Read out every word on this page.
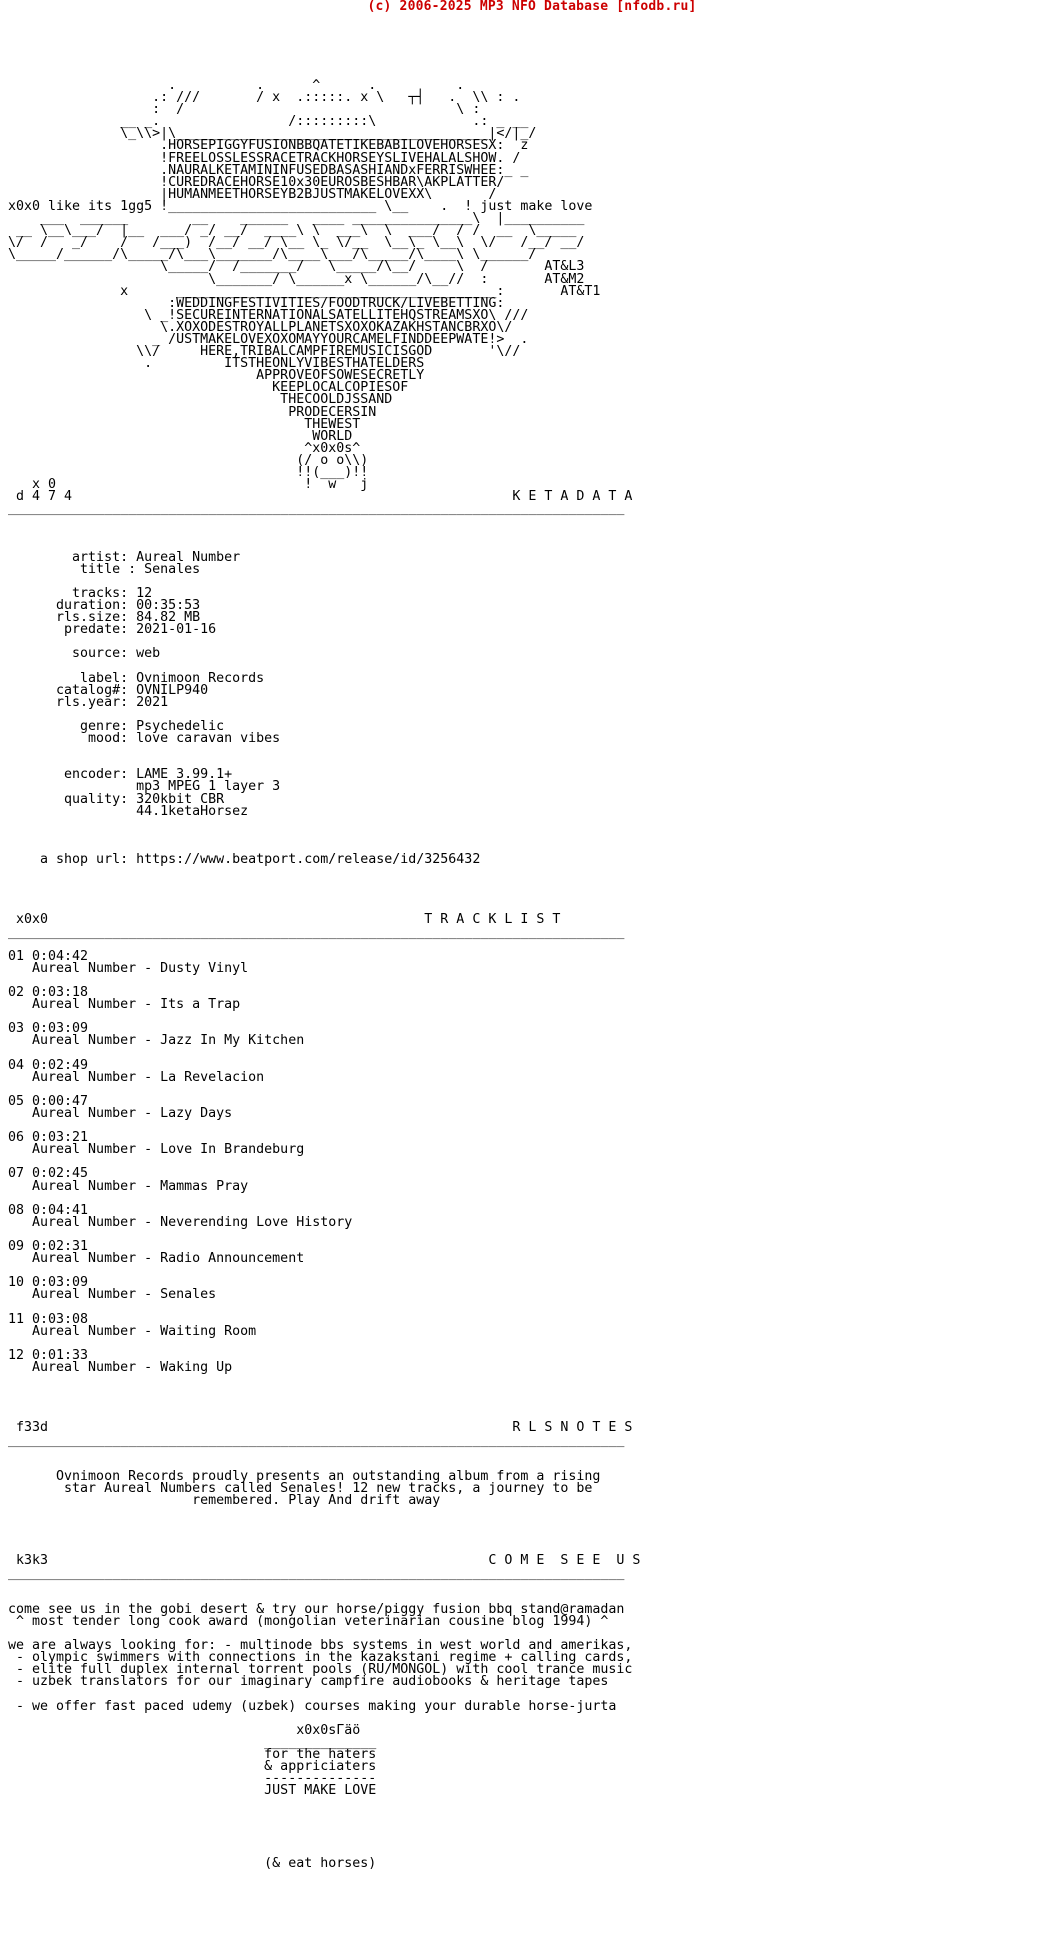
(c) 2006-2025 MP3 NFO Database [nfodb.ru]
.          .      ^      .          .
.: ///       / x  .:::::. x \   ┬┤   .  \\ : .
:  /                                  \ :
__ _.                /:::::::::\            .: _ __
\_\\>|\_______________________________________|</|_/
.HORSEPIGGYFUSIONBBQATETIKEBABILOVEHORSESX:  z
!FREELOSSLESSRACETRACKHORSEYSLIVEHALALSHOW. /
.NAURALKETAMININFUSEDBASASHIANDxFERRISWHEE:_ _
!CUREDRACEHORSE10x30EUROSBESHBAR\AKPLATTER/
|HUMANMEETHORSEYB2BJUSTMAKELOVEXX\       /
x0x0 like its 1gg5 !__________________________ \__    .  ! just make love
___  ______        __    ______   ____ _______________\  |__________
__ \__\___/  |__  ___/ _/ __/  ____\ \  ___\  \  ___/  / /  __  \_____
\/  /   _/    /   /___)  /__/ __/ \__ \_ \/__  \__\_ \__\  \/   /__/ __/
\_____/______/\_____/\___\_______/\____\___/\_____/\____\ \______/
\_____/  /_______/   \_____/\__/     \  /       AT&L3
\_______/ \______x \______/\__//  :       AT&M2
x      ________________________________________:       AT&T1
:WEDDINGFESTIVITIES/FOODTRUCK/LIVEBETTING:
\ _!SECUREINTERNATIONALSATELLITEHQSTREAMSXO\ ///
\.XOXODESTROYALLPLANETSXOXOKAZAKHSTANCBRXO\/
_ /USTMAKELOVEXOXOMAYYOURCAMELFINDDEEPWATE!>  .
\\/     HERE,TRIBALCAMPFIREMUSICISGOD       '\//
.         ITSTHEONLYVIBESTHATELDERS
APPROVEOFSOWESECRETLY
KEEPLOCALCOPIESOF
THECOOLDJSSAND
PRODECERSIN
THEWEST
WORLD
^x0x0s^
(/ o o\\)
!!(___)!!
x 0                               !  w   j
d 4 7 4                                                       K E T A D A T A
_____________________________________________________________________________

artist: Aureal Number
title : Senales

tracks: 12
duration: 00:35:53
rls.size: 84.82 MB
predate: 2021-01-16

source: web

label: Ovnimoon Records
catalog#: OVNILP940
rls.year: 2021

genre: Psychedelic
mood: love caravan vibes

encoder: LAME 3.99.1+
mp3 MPEG 1 layer 3
quality: 320kbit CBR
44.1ketaHorsez

a shop url: https://www.beatport.com/release/id/3256432

x0x0                                               T R A C K L I S T
_____________________________________________________________________________

01 0:04:42
Aureal Number - Dusty Vinyl

02 0:03:18
Aureal Number - Its a Trap

03 0:03:09
Aureal Number - Jazz In My Kitchen

04 0:02:49
Aureal Number - La Revelacion

05 0:00:47
Aureal Number - Lazy Days

06 0:03:21
Aureal Number - Love In Brandeburg

07 0:02:45
Aureal Number - Mammas Pray

08 0:04:41
Aureal Number - Neverending Love History

09 0:02:31
Aureal Number - Radio Announcement

10 0:03:09
Aureal Number - Senales

11 0:03:08
Aureal Number - Waiting Room

12 0:01:33
Aureal Number - Waking Up

f33d                                                          R L S N O T E S
_____________________________________________________________________________

Ovnimoon Records proudly presents an outstanding album from a rising
star Aureal Numbers called Senales! 12 new tracks, a journey to be
remembered. Play And drift away

k3k3                                                       C O M E  S E E  U S
_____________________________________________________________________________

come see us in the gobi desert & try our horse/piggy fusion bbq stand@ramadan
^ most tender long cook award (mongolian veterinarian cousine blog 1994) ^

we are always looking for: - multinode bbs systems in west world and amerikas,
- olympic swimmers with connections in the kazakstani regime + calling cards,
- elite full duplex internal torrent pools (RU/MONGOL) with cool trance music
- uzbek translators for our imaginary campfire audiobooks & heritage tapes

- we offer fast paced udemy (uzbek) courses making your durable horse-jurta

x0x0sГäö
______________
for the haters
& appriciaters
--------------
JUST MAKE LOVE

(& eat horses)
